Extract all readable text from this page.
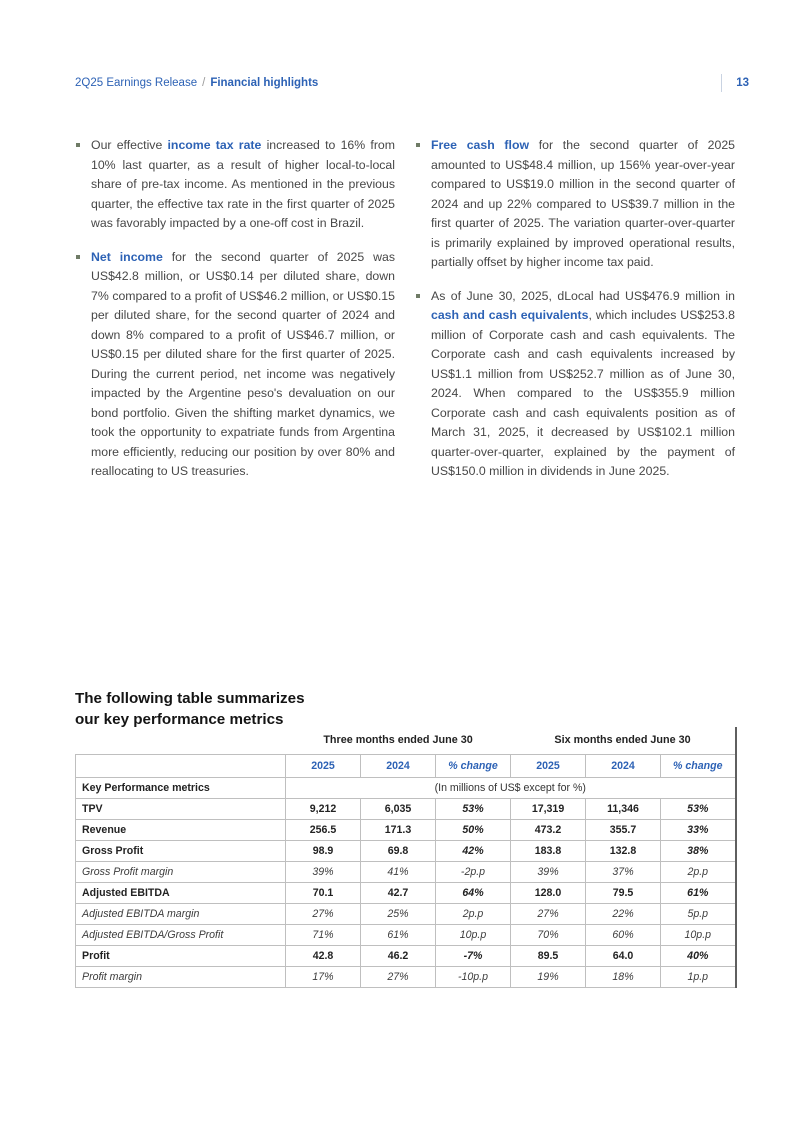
2Q25 Earnings Release / Financial highlights	13

Our effective income tax rate increased to 16% from 10% last quarter, as a result of higher local-to-local share of pre-tax income. As mentioned in the previous quarter, the effective tax rate in the first quarter of 2025 was favorably impacted by a one-off cost in Brazil.

Net income for the second quarter of 2025 was US$42.8 million, or US$0.14 per diluted share, down 7% compared to a profit of US$46.2 million, or US$0.15 per diluted share, for the second quarter of 2024 and down 8% compared to a profit of US$46.7 million, or US$0.15 per diluted share for the first quarter of 2025. During the current period, net income was negatively impacted by the Argentine peso's devaluation on our bond portfolio. Given the shifting market dynamics, we took the opportunity to expatriate funds from Argentina more efficiently, reducing our position by over 80% and reallocating to US treasuries.

Free cash flow for the second quarter of 2025 amounted to US$48.4 million, up 156% year-over-year compared to US$19.0 million in the second quarter of 2024 and up 22% compared to US$39.7 million in the first quarter of 2025. The variation quarter-over-quarter is primarily explained by improved operational results, partially offset by higher income tax paid.

As of June 30, 2025, dLocal had US$476.9 million in cash and cash equivalents, which includes US$253.8 million of Corporate cash and cash equivalents. The Corporate cash and cash equivalents increased by US$1.1 million from US$252.7 million as of June 30, 2024. When compared to the US$355.9 million Corporate cash and cash equivalents position as of March 31, 2025, it decreased by US$102.1 million quarter-over-quarter, explained by the payment of US$150.0 million in dividends in June 2025.

The following table summarizes
our key performance metrics
	Three months ended June 30			Six months ended June 30		
	2025	2024	% change	2025	2024	% change
Key Performance metrics	(In millions of US$ except for %)					
TPV	9,212	6,035	53%	17,319	11,346	53%
Revenue	256.5	171.3	50%	473.2	355.7	33%
Gross Profit	98.9	69.8	42%	183.8	132.8	38%
Gross Profit margin	39%	41%	-2p.p	39%	37%	2p.p
Adjusted EBITDA	70.1	42.7	64%	128.0	79.5	61%
Adjusted EBITDA margin	27%	25%	2p.p	27%	22%	5p.p
Adjusted EBITDA/Gross Profit	71%	61%	10p.p	70%	60%	10p.p
Profit	42.8	46.2	-7%	89.5	64.0	40%
Profit margin	17%	27%	-10p.p	19%	18%	1p.p
